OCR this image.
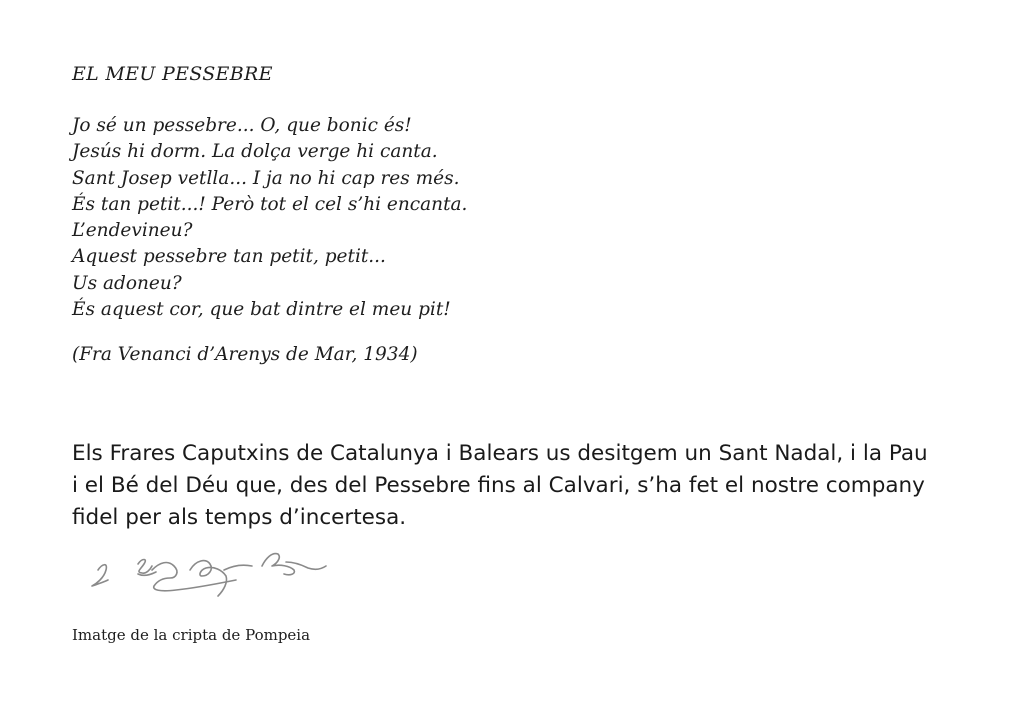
EL MEU PESSEBRE
Jo sé un pessebre... O, que bonic és!
Jesús hi dorm. La dolça verge hi canta.
Sant Josep vetlla... I ja no hi cap res més.
És tan petit...! Però tot el cel s’hi encanta.
L’endevineu?
Aquest pessebre tan petit, petit...
Us adoneu?
És aquest cor, que bat dintre el meu pit!
(Fra Venanci d’Arenys de Mar, 1934)
Els Frares Caputxins de Catalunya i Balears us desitgem un Sant Nadal, i la Pau
i el Bé del Déu que, des del Pessebre fins al Calvari, s’ha fet el nostre company
fidel per als temps d’incertesa.
Imatge de la cripta de Pompeia
